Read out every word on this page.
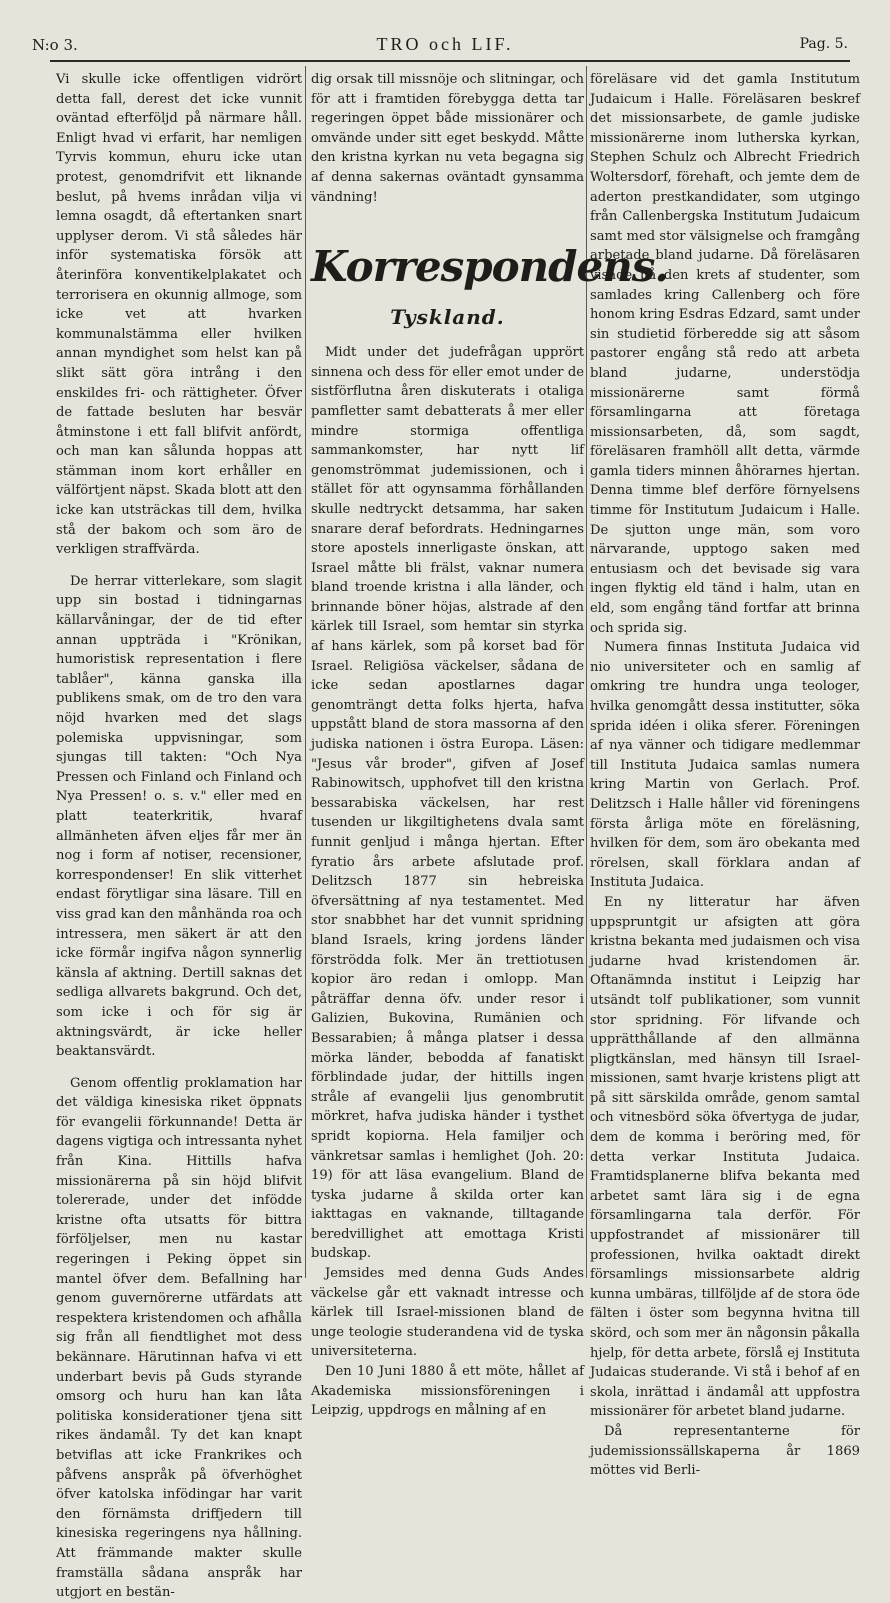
N:o 3.	TRO och LIF.	Pag. 5.

Vi skulle icke offentligen vidrört detta fall, derest det icke vunnit oväntad efterföljd på närmare håll. Enligt hvad vi erfarit, har nemligen Tyrvis kommun, ehuru icke utan protest, genomdrifvit ett liknande beslut, på hvems inrådan vilja vi lemna osagdt, då eftertanken snart upplyser derom. Vi stå således här inför systematiska försök att återinföra konventikelplakatet och terrorisera en okunnig allmoge, som icke vet att hvarken kommunalstämma eller hvilken annan myndighet som helst kan på slikt sätt göra intrång i den enskildes fri- och rättigheter. Öfver de fattade besluten har besvär åtminstone i ett fall blifvit anfördt, och man kan sålunda hoppas att stämman inom kort erhåller en välförtjent näpst. Skada blott att den icke kan utsträckas till dem, hvilka stå der bakom och som äro de verkligen straffvärda.

De herrar vitterlekare, som slagit upp sin bostad i tidningarnas källarvåningar, der de tid efter annan uppträda i "Krönikan, humoristisk representation i flere tablåer", känna ganska illa publikens smak, om de tro den vara nöjd hvarken med det slags polemiska uppvisningar, som sjungas till takten: "Och Nya Pressen och Finland och Finland och Nya Pressen! o. s. v." eller med en platt teaterkritik, hvaraf allmänheten äfven eljes får mer än nog i form af notiser, recensioner, korrespondenser! En slik vitterhet endast förytligar sina läsare. Till en viss grad kan den månhända roa och intressera, men säkert är att den icke förmår ingifva någon synnerlig känsla af aktning. Dertill saknas det sedliga allvarets bakgrund. Och det, som icke i och för sig är aktningsvärdt, är icke heller beaktansvärdt.

Genom offentlig proklamation har det väldiga kinesiska riket öppnats för evangelii förkunnande! Detta är dagens vigtiga och intressanta nyhet från Kina. Hittills hafva missionärerna på sin höjd blifvit tolererade, under det infödde kristne ofta utsatts för bittra förföljelser, men nu kastar regeringen i Peking öppet sin mantel öfver dem. Befallning har genom guvernörerne utfärdats att respektera kristendomen och afhålla sig från all fiendtlighet mot dess bekännare. Härutinnan hafva vi ett underbart bevis på Guds styrande omsorg och huru han kan låta politiska konsiderationer tjena sitt rikes ändamål. Ty det kan knapt betviflas att icke Frankrikes och påfvens anspråk på öfverhöghet öfver katolska infödingar har varit den förnämsta driffjedern till kinesiska regeringens nya hållning. Att främmande makter skulle framställa sådana anspråk har utgjort en bestän-

dig orsak till missnöje och slitningar, och för att i framtiden förebygga detta tar regeringen öppet både missionärer och omvände under sitt eget beskydd. Måtte den kristna kyrkan nu veta begagna sig af denna sakernas oväntadt gynsamma vändning!

Korrespondens.
Tyskland.

Midt under det judefrågan upprört sinnena och dess för eller emot under de sistförflutna åren diskuterats i otaliga pamfletter samt debatterats å mer eller mindre stormiga offentliga sammankomster, har nytt lif genomströmmat judemissionen, och i stället för att ogynsamma förhållanden skulle nedtryckt detsamma, har saken snarare deraf befordrats. Hedningarnes store apostels innerligaste önskan, att Israel måtte bli frälst, vaknar numera bland troende kristna i alla länder, och brinnande böner höjas, alstrade af den kärlek till Israel, som hemtar sin styrka af hans kärlek, som på korset bad för Israel. Religiösa väckelser, sådana de icke sedan apostlarnes dagar genomträngt detta folks hjerta, hafva uppstått bland de stora massorna af den judiska nationen i östra Europa. Läsen: "Jesus vår broder", gifven af Josef Rabinowitsch, upphofvet till den kristna bessarabiska väckelsen, har rest tusenden ur likgiltighetens dvala samt funnit genljud i många hjertan. Efter fyratio års arbete afslutade prof. Delitzsch 1877 sin hebreiska öfversättning af nya testamentet. Med stor snabbhet har det vunnit spridning bland Israels, kring jordens länder förströdda folk. Mer än trettiotusen kopior äro redan i omlopp. Man påträffar denna öfv. under resor i Galizien, Bukovina, Rumänien och Bessarabien; å många platser i dessa mörka länder, bebodda af fanatiskt förblindade judar, der hittills ingen stråle af evangelii ljus genombrutit mörkret, hafva judiska händer i tysthet spridt kopiorna. Hela familjer och vänkretsar samlas i hemlighet (Joh. 20: 19) för att läsa evangelium. Bland de tyska judarne å skilda orter kan iakttagas en vaknande, tilltagande beredvillighet att emottaga Kristi budskap.

Jemsides med denna Guds Andes väckelse går ett vaknadt intresse och kärlek till Israel-missionen bland de unge teologie studerandena vid de tyska universiteterna.

Den 10 Juni 1880 å ett möte, hållet af Akademiska missionsföreningen i Leipzig, uppdrogs en målning af en

föreläsare vid det gamla Institutum Judaicum i Halle. Föreläsaren beskref det missionsarbete, de gamle judiske missionärerne inom lutherska kyrkan, Stephen Schulz och Albrecht Friedrich Woltersdorf, förehaft, och jemte dem de aderton prestkandidater, som utgingo från Callenbergska Institutum Judaicum samt med stor välsignelse och framgång arbetade bland judarne. Då föreläsaren visade på den krets af studenter, som samlades kring Callenberg och före honom kring Esdras Edzard, samt under sin studietid förberedde sig att såsom pastorer engång stå redo att arbeta bland judarne, understödja missionärerne samt förmå församlingarna att företaga missionsarbeten, då, som sagdt, föreläsaren framhöll allt detta, värmde gamla tiders minnen åhörarnes hjertan. Denna timme blef derföre förnyelsens timme för Institutum Judaicum i Halle. De sjutton unge män, som voro närvarande, upptogo saken med entusiasm och det bevisade sig vara ingen flyktig eld tänd i halm, utan en eld, som engång tänd fortfar att brinna och sprida sig.

Numera finnas Instituta Judaica vid nio universiteter och en samlig af omkring tre hundra unga teologer, hvilka genomgått dessa institutter, söka sprida idéen i olika sferer. Föreningen af nya vänner och tidigare medlemmar till Instituta Judaica samlas numera kring Martin von Gerlach. Prof. Delitzsch i Halle håller vid föreningens första årliga möte en föreläsning, hvilken för dem, som äro obekanta med rörelsen, skall förklara andan af Instituta Judaica.

En ny litteratur har äfven uppspruntgit ur afsigten att göra kristna bekanta med judaismen och visa judarne hvad kristendomen är. Oftanämnda institut i Leipzig har utsändt tolf publikationer, som vunnit stor spridning. För lifvande och upprätthållande af den allmänna pligtkänslan, med hänsyn till Israel-missionen, samt hvarje kristens pligt att på sitt särskilda område, genom samtal och vitnesbörd söka öfvertyga de judar, dem de komma i beröring med, för detta verkar Instituta Judaica. Framtidsplanerne blifva bekanta med arbetet samt lära sig i de egna församlingarna tala derför. För uppfostrandet af missionärer till professionen, hvilka oaktadt direkt församlings missionsarbete aldrig kunna umbäras, tillföljde af de stora öde fälten i öster som begynna hvitna till skörd, och som mer än någonsin påkalla hjelp, för detta arbete, förslå ej Instituta Judaicas studerande. Vi stå i behof af en skola, inrättad i ändamål att uppfostra missionärer för arbetet bland judarne.

Då representanterne för judemissionssällskaperna år 1869 möttes vid Berli-
